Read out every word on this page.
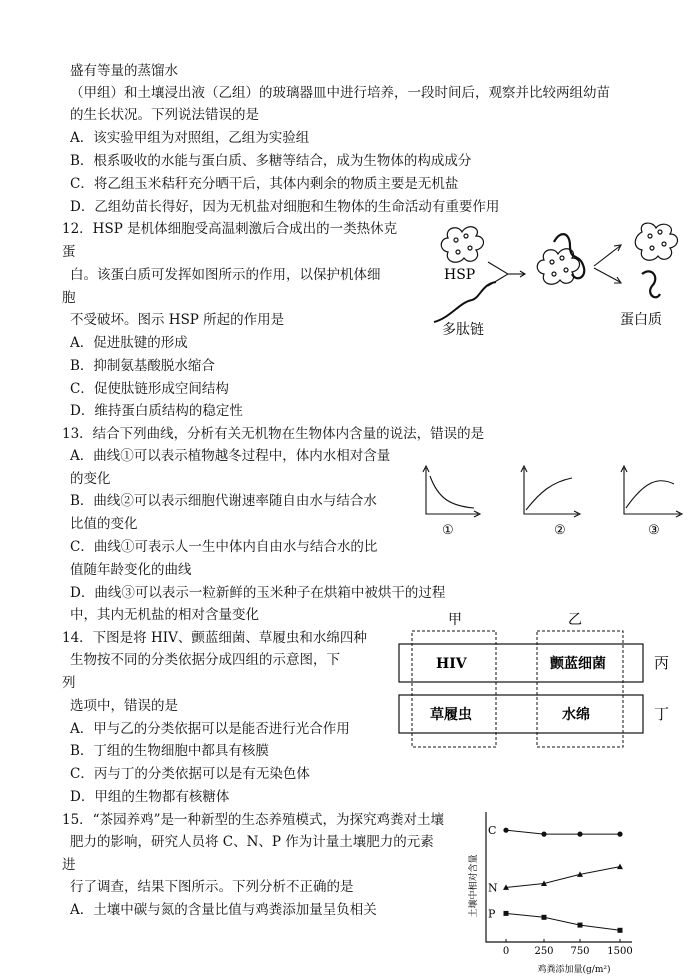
盛有等量的蒸馏水
（甲组）和土壤浸出液（乙组）的玻璃器皿中进行培养，一段时间后，观察并比较两组幼苗
的生长状况。下列说法错误的是
A．该实验甲组为对照组，乙组为实验组
B．根系吸收的水能与蛋白质、多糖等结合，成为生物体的构成成分
C．将乙组玉米秸秆充分晒干后，其体内剩余的物质主要是无机盐
D．乙组幼苗长得好，因为无机盐对细胞和生物体的生命活动有重要作用
12．HSP 是机体细胞受高温刺激后合成出的一类热休克
蛋
白。该蛋白质可发挥如图所示的作用，以保护机体细
胞
不受破坏。图示 HSP 所起的作用是
A．促进肽键的形成
B．抑制氨基酸脱水缩合
C．促使肽链形成空间结构
D．维持蛋白质结构的稳定性
HSP
多肽链
蛋白质
13．结合下列曲线，分析有关无机物在生物体内含量的说法，错误的是
A．曲线①可以表示植物越冬过程中，体内水相对含量
的变化
B．曲线②可以表示细胞代谢速率随自由水与结合水
比值的变化
C．曲线①可表示人一生中体内自由水与结合水的比
值随年龄变化的曲线
D．曲线③可以表示一粒新鲜的玉米种子在烘箱中被烘干的过程
中，其内无机盐的相对含量变化
①	②	③
14．下图是将 HIV、颤蓝细菌、草履虫和水绵四种
生物按不同的分类依据分成四组的示意图，下
列
选项中，错误的是
A．甲与乙的分类依据可以是能否进行光合作用
B．丁组的生物细胞中都具有核膜
C．丙与丁的分类依据可以是有无染色体
D．甲组的生物都有核糖体
甲	乙
HIV	颤蓝细菌
草履虫	水绵
丙
丁
15．“茶园养鸡”是一种新型的生态养殖模式，为探究鸡粪对土壤
肥力的影响，研究人员将 C、N、P 作为计量土壤肥力的元素
进
行了调查，结果下图所示。下列分析不正确的是
A．土壤中碳与氮的含量比值与鸡粪添加量呈负相关	土壤中相对含量
鸡粪添加量(g/m²)
0	250 750 1500
C
N
P
